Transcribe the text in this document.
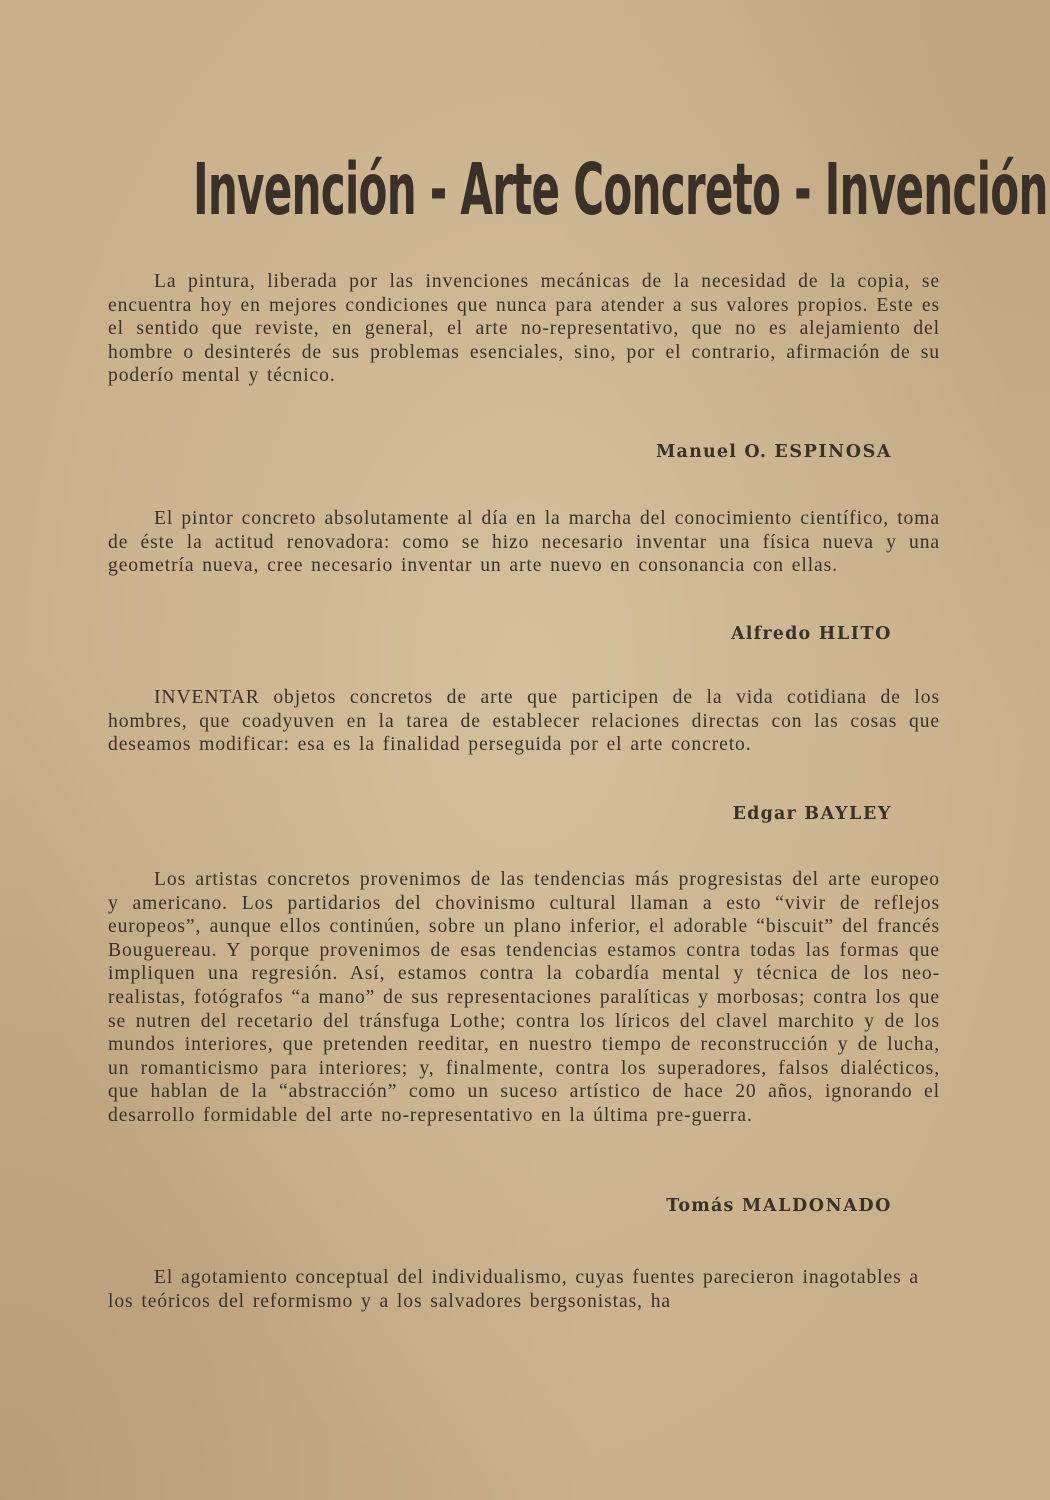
Invención - Arte Concreto - Invención

La pintura, liberada por las invenciones mecánicas de la necesidad de la copia, se encuentra hoy en mejores condiciones que nunca para atender a sus valores propios. Este es el sentido que reviste, en general, el arte no-representativo, que no es alejamiento del hombre o desinterés de sus problemas esenciales, sino, por el contrario, afirmación de su poderío mental y técnico.

Manuel O. ESPINOSA

El pintor concreto absolutamente al día en la marcha del conocimiento científico, toma de éste la actitud renovadora: como se hizo necesario inventar una física nueva y una geometría nueva, cree necesario inventar un arte nuevo en consonancia con ellas.

Alfredo HLITO

INVENTAR objetos concretos de arte que participen de la vida cotidiana de los hombres, que coadyuven en la tarea de establecer relaciones directas con las cosas que deseamos modificar: esa es la finalidad perseguida por el arte concreto.

Edgar BAYLEY

Los artistas concretos provenimos de las tendencias más progresistas del arte europeo y americano. Los partidarios del chovinismo cultural llaman a esto “vivir de reflejos europeos”, aunque ellos continúen, sobre un plano inferior, el adorable “biscuit” del francés Bouguereau. Y porque provenimos de esas tendencias estamos contra todas las formas que impliquen una regresión. Así, estamos contra la cobardía mental y técnica de los neo-realistas, fotógrafos “a mano” de sus representaciones paralíticas y morbosas; contra los que se nutren del recetario del tránsfuga Lothe; contra los líricos del clavel marchito y de los mundos interiores, que pretenden reeditar, en nuestro tiempo de reconstrucción y de lucha, un romanticismo para interiores; y, finalmente, contra los superadores, falsos dialécticos, que hablan de la “abstracción” como un suceso artístico de hace 20 años, ignorando el desarrollo formidable del arte no-representativo en la última pre-guerra.

Tomás MALDONADO

El agotamiento conceptual del individualismo, cuyas fuentes parecieron inagotables a los teóricos del reformismo y a los salvadores bergsonistas, ha
